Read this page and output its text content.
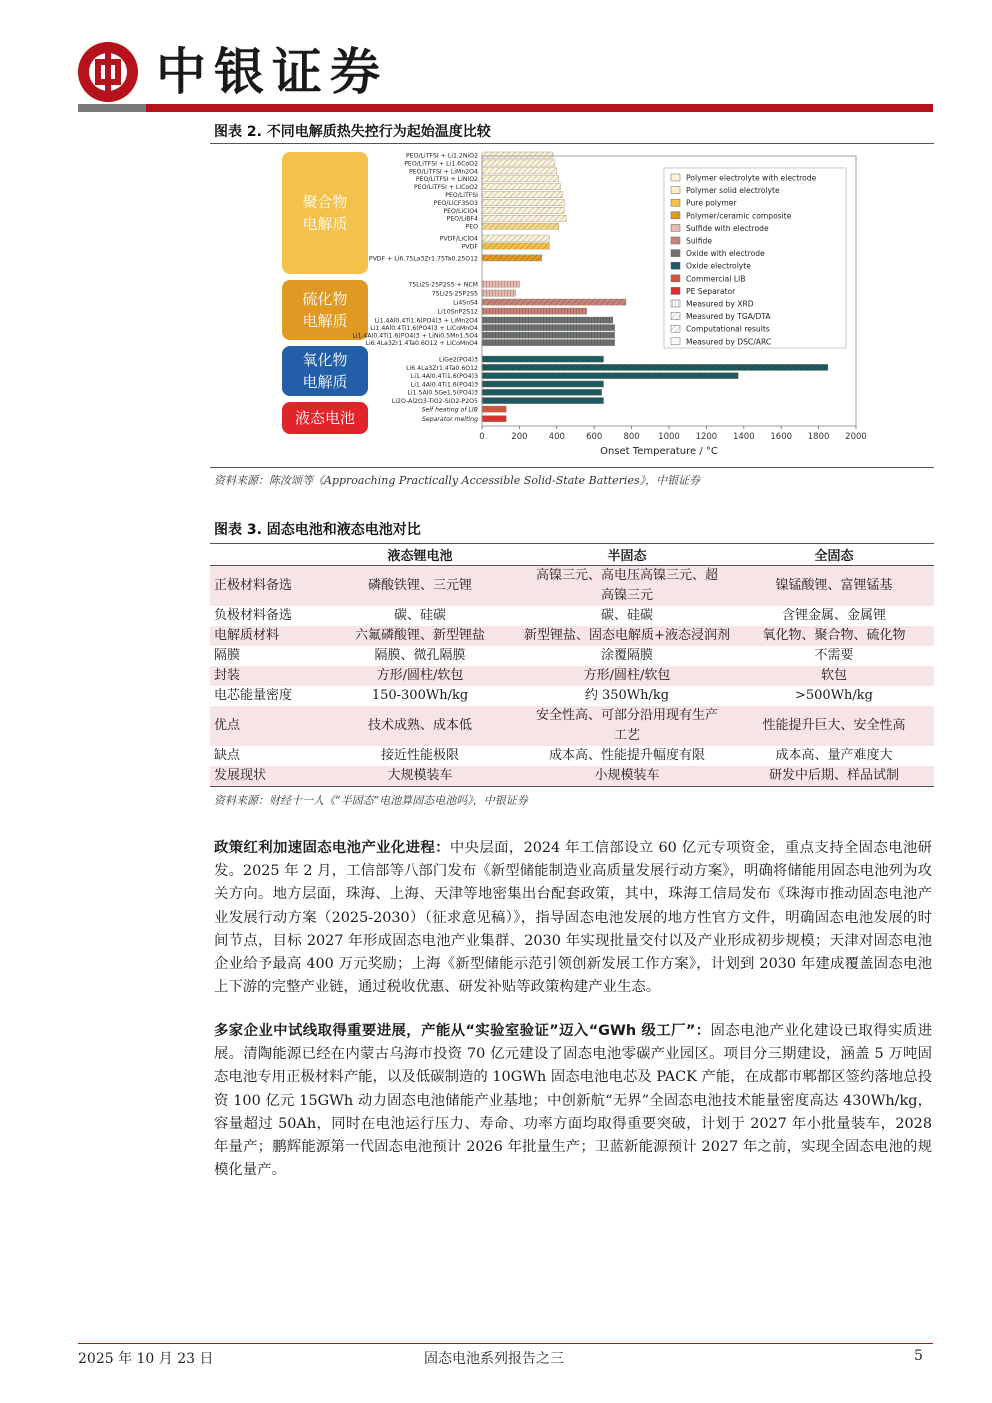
中银证券
图表 2. 不同电解质热失控行为起始温度比较
聚合物
电解质
硫化物
电解质
氧化物
电解质
液态电池
PEO/LiTFSI + Li1.2NiO2
PEO/LiTFSI + Li1.6CoO2
PEO/LiTFSI + LiMn2O4
PEO/LiTFSI + LiNiO2
PEO/LiTFSI + LiCoO2
PEO/LiTFSI
PEO/LiCF3SO3
PEO/LiClO4
PEO/LiBF4
PEO
PVDF/LiClO4
PVDF
PVDF + Li6.75La3Zr1.75Ta0.25O12
75Li2S·25P2S5 + NCM
75Li2S·25P2S5
Li4SnS4
Li10SnP2S12
Li1.4Al0.4Ti1.6(PO4)3 + LiMn2O4
Li1.4Al0.4Ti1.6(PO4)3 + LiCoMnO4
Li1.4Al0.4Ti1.6(PO4)3 + LiNi0.5Mn1.5O4
Li6.4La3Zr1.4Ta0.6O12 + LiCoMnO4
LiGe2(PO4)3
Li6.4La3Zr1.4Ta0.6O12
Li1.4Al0.4Ti1.6(PO4)3
Li1.4Al0.4Ti1.6(PO4)3
Li1.5Al0.5Ge1.5(PO4)3
Li2O-Al2O3-TiO2-SiO2-P2O5
Self heating of LIB
Separator melting
0	200 400 600 800 1000 1200 1400 1600 1800 2000
Onset Temperature / °C
Polymer electrolyte with electrode
Polymer solid electrolyte
Pure polymer
Polymer/ceramic composite
Sulfide with electrode
Sulfide
Oxide with electrode
Oxide electrolyte
Commercial LIB
PE Separator
Measured by XRD
Measured by TGA/DTA
Computational results
Measured by DSC/ARC
资料来源：陈汝颂等《Approaching Practically Accessible Solid-State Batteries》，中银证券
图表 3. 固态电池和液态电池对比
	液态锂电池	半固态	全固态
正极材料备选	磷酸铁锂、三元锂	高镍三元、高电压高镍三元、超高镍三元	镍锰酸锂、富锂锰基
负极材料备选	碳、硅碳	碳、硅碳	含锂金属、金属锂
电解质材料	六氟磷酸锂、新型锂盐	新型锂盐、固态电解质+液态浸润剂	氧化物、聚合物、硫化物
隔膜	隔膜、微孔隔膜	涂覆隔膜	不需要
封装	方形/圆柱/软包	方形/圆柱/软包	软包
电芯能量密度	150-300Wh/kg	约 350Wh/kg	>500Wh/kg
优点	技术成熟、成本低	安全性高、可部分沿用现有生产工艺	性能提升巨大、安全性高
缺点	接近性能极限	成本高、性能提升幅度有限	成本高、量产难度大
发展现状	大规模装车	小规模装车	研发中后期、样品试制
资料来源：财经十一人《“半固态”电池算固态电池吗》，中银证券
政策红利加速固态电池产业化进程：中央层面，2024 年工信部设立 60 亿元专项资金，重点支持全固态电池研发。2025 年 2 月，工信部等八部门发布《新型储能制造业高质量发展行动方案》，明确将储能用固态电池列为攻关方向。地方层面，珠海、上海、天津等地密集出台配套政策，其中，珠海工信局发布《珠海市推动固态电池产业发展行动方案（2025-2030）（征求意见稿）》，指导固态电池发展的地方性官方文件，明确固态电池发展的时间节点，目标 2027 年形成固态电池产业集群、2030 年实现批量交付以及产业形成初步规模；天津对固态电池企业给予最高 400 万元奖励；上海《新型储能示范引领创新发展工作方案》，计划到 2030 年建成覆盖固态电池上下游的完整产业链，通过税收优惠、研发补贴等政策构建产业生态。
多家企业中试线取得重要进展，产能从“实验室验证”迈入“GWh 级工厂”：固态电池产业化建设已取得实质进展。清陶能源已经在内蒙古乌海市投资 70 亿元建设了固态电池零碳产业园区。项目分三期建设，涵盖 5 万吨固态电池专用正极材料产能，以及低碳制造的 10GWh 固态电池电芯及 PACK 产能，在成都市郫都区签约落地总投资 100 亿元 15GWh 动力固态电池储能产业基地；中创新航“无界”全固态电池技术能量密度高达 430Wh/kg，容量超过 50Ah，同时在电池运行压力、寿命、功率方面均取得重要突破，计划于 2027 年小批量装车，2028 年量产；鹏辉能源第一代固态电池预计 2026 年批量生产；卫蓝新能源预计 2027 年之前，实现全固态电池的规模化量产。
2025 年 10 月 23 日	固态电池系列报告之三	5
